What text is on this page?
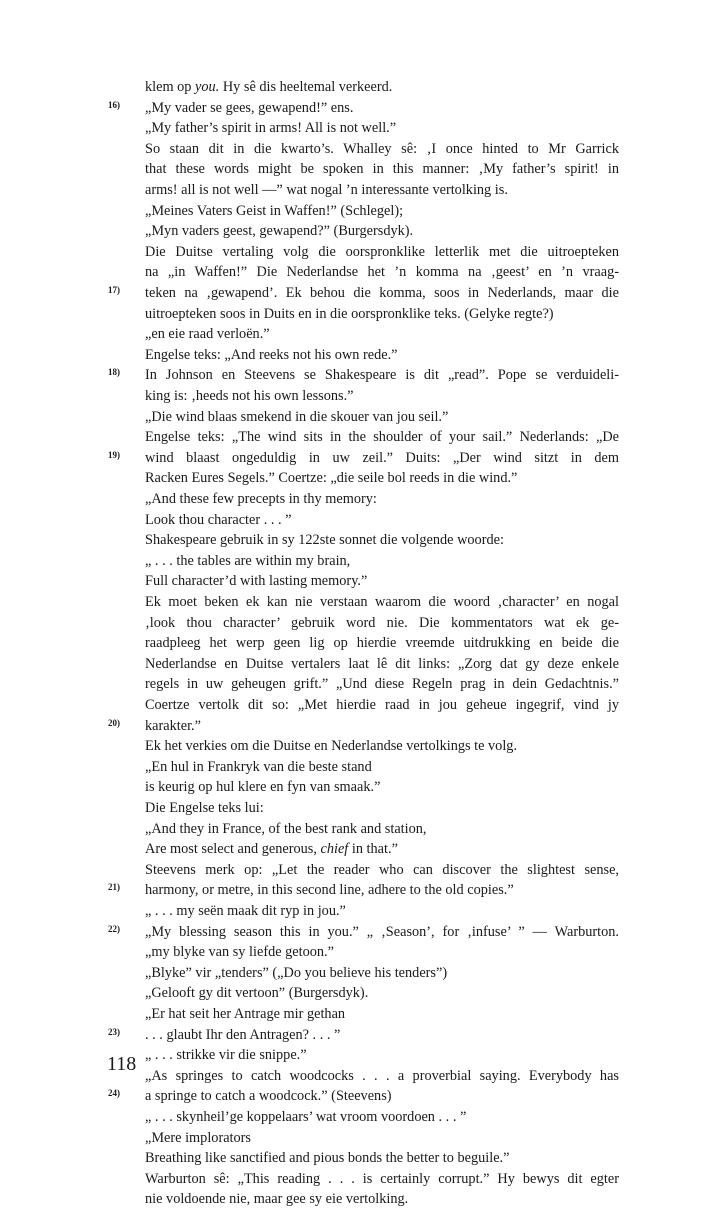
klem op you. Hy sê dis heeltemal verkeerd.
„My vader se gees, gewapend!” ens.
„My father’s spirit in arms! All is not well.”
So staan dit in die kwarto’s. Whalley sê: ‚I once hinted to Mr Garrick
that these words might be spoken in this manner: ‚My father’s spirit! in
arms! all is not well —” wat nogal ’n interessante vertolking is.
„Meines Vaters Geist in Waffen!” (Schlegel);
„Myn vaders geest, gewapend?” (Burgersdyk).
Die Duitse vertaling volg die oorspronklike letterlik met die uitroepteken
na „in Waffen!” Die Nederlandse het ’n komma na ‚geest’ en ’n vraag-
teken na ‚gewapend’. Ek behou die komma, soos in Nederlands, maar die
uitroepteken soos in Duits en in die oorspronklike teks. (Gelyke regte?)
„en eie raad verloën.”
Engelse teks: „And reeks not his own rede.”
In Johnson en Steevens se Shakespeare is dit „read”. Pope se verduideli-
king is: ‚heeds not his own lessons.”
„Die wind blaas smekend in die skouer van jou seil.”
Engelse teks: „The wind sits in the shoulder of your sail.” Nederlands: „De
wind blaast ongeduldig in uw zeil.” Duits: „Der wind sitzt in dem
Racken Eures Segels.” Coertze: „die seile bol reeds in die wind.”
„And these few precepts in thy memory:
Look thou character . . . ”
Shakespeare gebruik in sy 122ste sonnet die volgende woorde:
„ . . . the tables are within my brain,
Full character’d with lasting memory.”
Ek moet beken ek kan nie verstaan waarom die woord ‚character’ en nogal
‚look thou character’ gebruik word nie. Die kommentators wat ek ge-
raadpleeg het werp geen lig op hierdie vreemde uitdrukking en beide die
Nederlandse en Duitse vertalers laat lê dit links: „Zorg dat gy deze enkele
regels in uw geheugen grift.” „Und diese Regeln prag in dein Gedachtnis.”
Coertze vertolk dit so: „Met hierdie raad in jou geheue ingegrif, vind jy
karakter.”
Ek het verkies om die Duitse en Nederlandse vertolkings te volg.
„En hul in Frankryk van die beste stand
is keurig op hul klere en fyn van smaak.”
Die Engelse teks lui:
„And they in France, of the best rank and station,
Are most select and generous, chief in that.”
Steevens merk op: „Let the reader who can discover the slightest sense,
harmony, or metre, in this second line, adhere to the old copies.”
„ . . . my seën maak dit ryp in jou.”
„My blessing season this in you.” „ ‚Season’, for ‚infuse’ ” — Warburton.
„my blyke van sy liefde getoon.”
„Blyke” vir „tenders” („Do you believe his tenders”)
„Gelooft gy dit vertoon” (Burgersdyk).
„Er hat seit her Antrage mir gethan
. . . glaubt Ihr den Antragen? . . . ”
„ . . . strikke vir die snippe.”
„As springes to catch woodcocks . . . a proverbial saying. Everybody has
a springe to catch a woodcock.” (Steevens)
„ . . . skynheil’ge koppelaars’ wat vroom voordoen . . . ”
„Mere implorators
Breathing like sanctified and pious bonds the better to beguile.”
Warburton sê: „This reading . . . is certainly corrupt.” Hy bewys dit egter
nie voldoende nie, maar gee sy eie vertolking.
16)
17)
18)
19)
20)
21)
22)
23)
24)
118
